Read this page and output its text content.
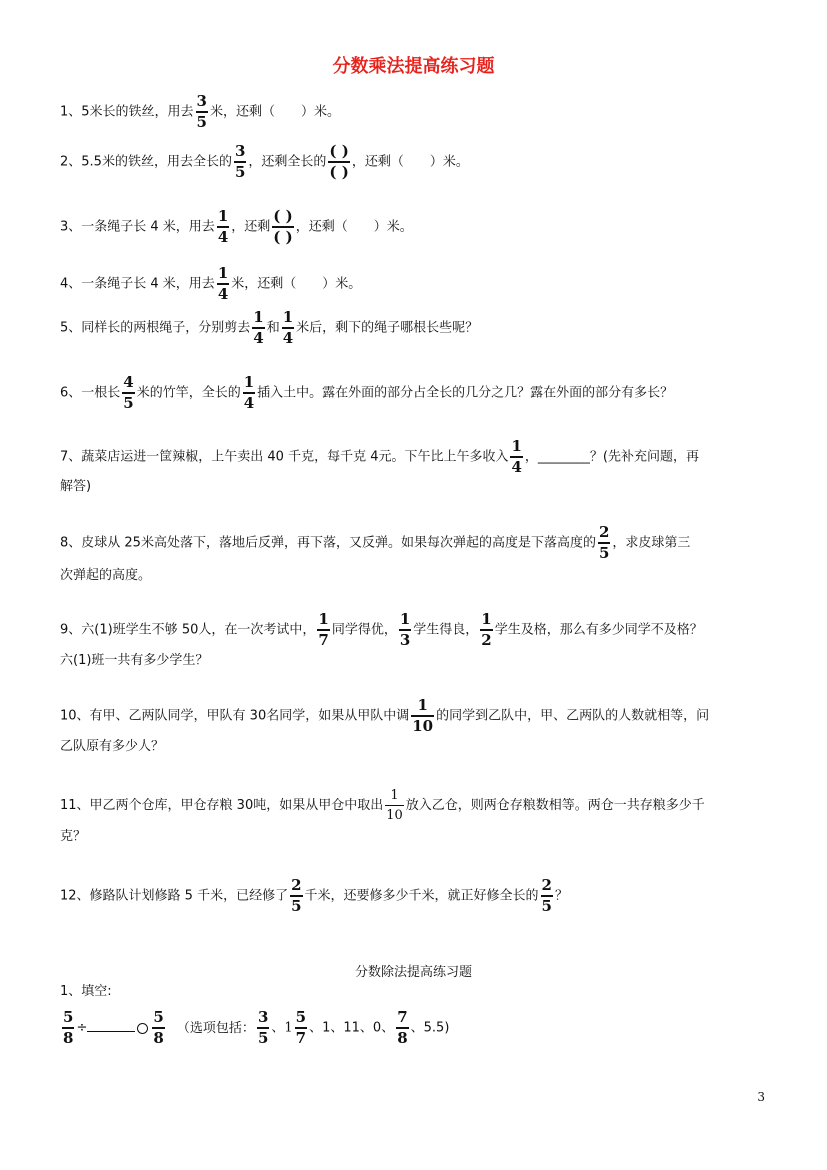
分数乘法提高练习题
1、5米长的铁丝，用去 $\frac{3}{5}$ 米，还剩（　　）米。
2、5.5米的铁丝，用去全长的 $\frac{3}{5}$ ，还剩全长的 $\frac{( )}{( )}$ ，还剩（　　）米。
3、一条绳子长 4 米，用去 $\frac{1}{4}$ ，还剩 $\frac{( )}{( )}$ ，还剩（　　）米。
4、一条绳子长 4 米，用去 $\frac{1}{4}$ 米，还剩（　　）米。
5、同样长的两根绳子，分别剪去 $\frac{1}{4}$ 和 $\frac{1}{4}$ 米后，剩下的绳子哪根长些呢？
6、一根长 $\frac{4}{5}$ 米的竹竿，全长的 $\frac{1}{4}$ 插入土中。露在外面的部分占全长的几分之几？露在外面的部分有多长？
7、蔬菜店运进一筐辣椒，上午卖出 40 千克，每千克 4元。下午比上午多收入 $\frac{1}{4}$ ，________？(先补充问题，再
解答)
8、皮球从 25米高处落下，落地后反弹，再下落，又反弹。如果每次弹起的高度是下落高度的 $\frac{2}{5}$ ，求皮球第三
次弹起的高度。
9、六(1)班学生不够 50人，在一次考试中， $\frac{1}{7}$ 同学得优， $\frac{1}{3}$ 学生得良， $\frac{1}{2}$ 学生及格，那么有多少同学不及格？
六(1)班一共有多少学生？
10、有甲、乙两队同学，甲队有 30名同学，如果从甲队中调 $\frac{1}{10}$ 的同学到乙队中，甲、乙两队的人数就相等，问
乙队原有多少人？
11、甲乙两个仓库，甲仓存粮 30吨，如果从甲仓中取出 $\frac{1}{10}$ 放入乙仓，则两仓存粮数相等。两仓一共存粮多少千
克？
12、修路队计划修路 5 千米，已经修了 $\frac{2}{5}$ 千米，还要修多少千米，就正好修全长的 $\frac{2}{5}$ ？
分数除法提高练习题
1、填空:
$\frac{5}{8}$ ÷	$\frac{5}{8}$ （选项包括： $\frac{3}{5}$ 、$1 \frac{5}{7}$ 、1、11、0、 $\frac{7}{8}$ 、5.5)
3
